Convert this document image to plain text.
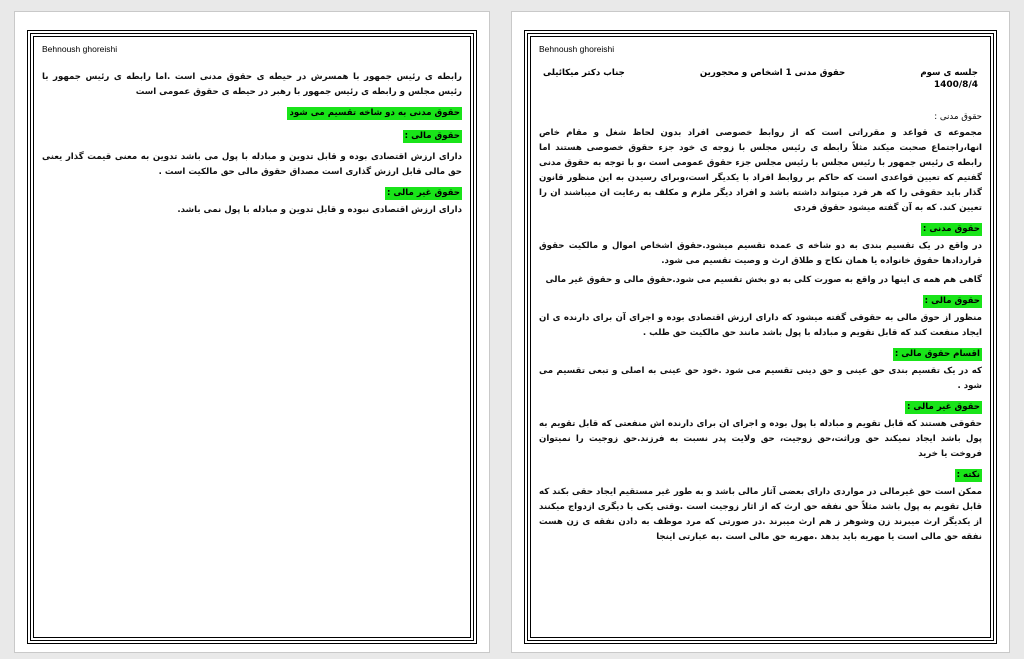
Behnoush ghoreishi

رابطه ی رئیس جمهور با همسرش در حیطه ی حقوق مدنی است .اما رابطه ی رئیس جمهور با رئیس مجلس و رابطه ی رئیس جمهور با رهبر در حیطه ی حقوق عمومی است

حقوق مدنی به دو شاخه تقسیم می شود
حقوق مالی :

دارای ارزش اقتصادی بوده و قابل تدوین و مبادله با پول می باشد تدوین به معنی قیمت گذار یعنی حق مالی قابل ارزش گذاری است مصداق حقوق مالی حق مالکیت است .

حقوق غیر مالی :

دارای ارزش اقتصادی نبوده و قابل تدوین و مبادله با پول نمی باشد.

Behnoush ghoreishi
جلسه ی سوم
حقوق مدنی 1 اشخاص و محجورین
جناب دکتر میکائیلی
1400/8/4
حقوق مدنی :

مجموعه ی قواعد و مقرراتی است که از روابط خصوصی افراد بدون لحاظ شغل و مقام خاص انها،راجتماع صحبت میکند مثلاً رابطه ی رئیس مجلس با زوجه ی خود جزء حقوق خصوصی هستند اما رابطه ی رئیس جمهور با رئیس مجلس با رئیس مجلس جزء حقوق عمومی است ،و با توجه به حقوق مدنی گفتیم که تعیین قواعدی است که حاکم بر روابط افراد با یکدیگر است،وبرای رسیدن به این منظور قانون گذار باید حقوقی را که هر فرد میتواند داشته باشد و افراد دیگر ملزم و مکلف به رعایت ان میباشند ان را تعیین کند. که به آن گفته میشود حقوق فردی

حقوق مدنی :

در واقع در یک تقسیم بندی به دو شاخه ی عمده تقسیم میشود.حقوق اشخاص اموال و مالکیت حقوق قراردادها حقوق خانواده یا همان نکاح و طلاق ارث و وصیت تقسیم می شود.

گاهی هم همه ی اینها در واقع به صورت کلی به دو بخش تقسیم می شود.حقوق مالی و حقوق غیر مالی

حقوق مالی :

منظور از حوق مالی به حقوقی گفته میشود که دارای ارزش اقتصادی بوده و اجرای آن برای دارنده ی ان ایجاد منفعت کند که قابل تقویم و مبادله با پول باشد مانند حق مالکیت حق طلب .

اقسام حقوق مالی :

که در یک تقسیم بندی حق عینی و حق دینی تقسیم می شود .خود حق عینی به اصلی و تبعی تقسیم می شود .

حقوق غیر مالی :

حقوقی هستند که قابل تقویم و مبادله با پول بوده و اجرای ان برای دارنده اش منفعتی که قابل تقویم به پول باشد ایجاد نمیکند حق وراثت،حق زوجیت، حق ولایت پدر نسبت به فرزند.حق زوجیت را نمیتوان فروخت یا خرید

نکته :

ممکن است حق غیرمالی در مواردی دارای بعضی آثار مالی باشد و به طور غیر مستقیم ایجاد حقی بکند که قابل تقویم به پول باشد مثلاً حق نفقه حق ارث که از اثار زوجیت است .وقتی یکی با دیگری ازدواج میکنند از یکدیگر ارث میبرند زن وشوهر ز هم ارث میبرند .در صورتی که مرد موظف به دادن نفقه ی زن هست نفقه حق مالی است یا مهریه باید بدهد .مهریه حق مالی است .به عبارتی اینجا
